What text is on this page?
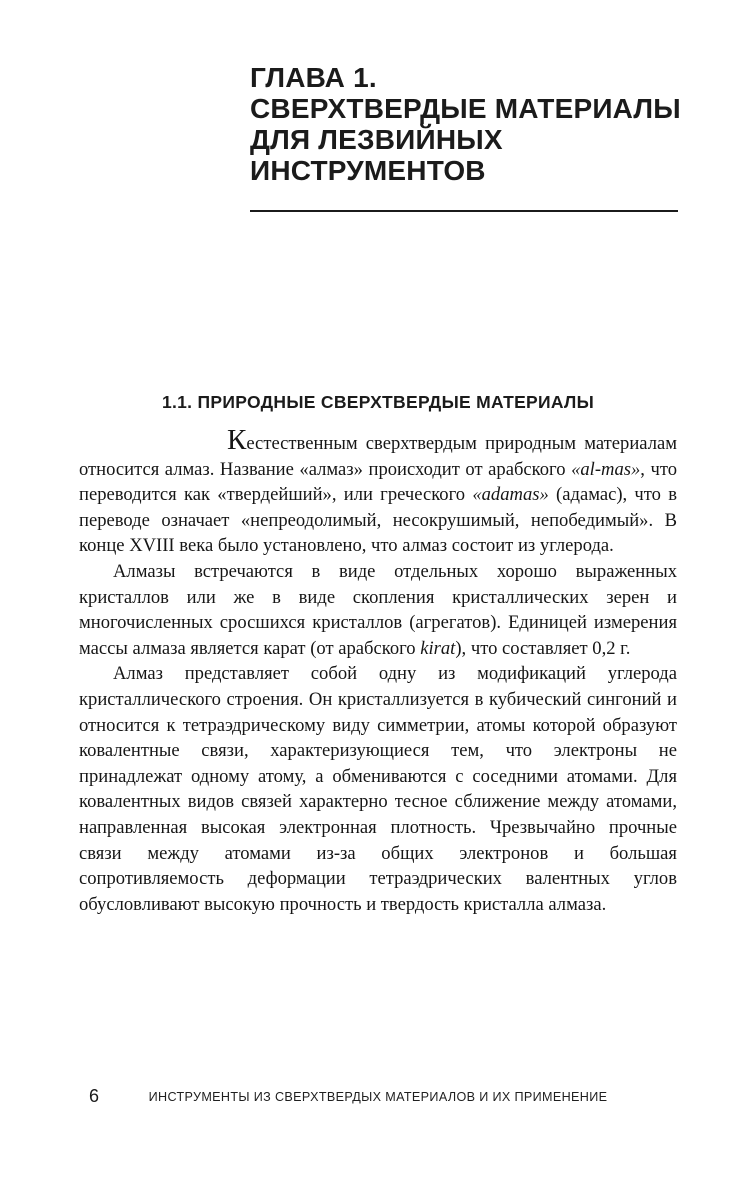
ГЛАВА 1.
СВЕРХТВЕРДЫЕ МАТЕРИАЛЫ
ДЛЯ ЛЕЗВИЙНЫХ
ИНСТРУМЕНТОВ
1.1. ПРИРОДНЫЕ СВЕРХТВЕРДЫЕ МАТЕРИАЛЫ

Кестественным сверхтвердым природным материалам относится алмаз. Название «алмаз» происходит от арабского «al-mas», что переводится как «твердейший», или греческого «adamas» (адамас), что в переводе означает «непреодолимый, несокрушимый, непобедимый». В конце XVIII века было установлено, что алмаз состоит из углерода.

Алмазы встречаются в виде отдельных хорошо выраженных кристаллов или же в виде скопления кристаллических зерен и многочисленных сросшихся кристаллов (агрегатов). Единицей измерения массы алмаза является карат (от арабского kirat), что составляет 0,2 г.

Алмаз представляет собой одну из модификаций углерода кристаллического строения. Он кристаллизуется в кубический сингоний и относится к тетраэдрическому виду симметрии, атомы которой образуют ковалентные связи, характеризующиеся тем, что электроны не принадлежат одному атому, а обмениваются с соседними атомами. Для ковалентных видов связей характерно тесное сближение между атомами, направленная высокая электронная плотность. Чрезвычайно прочные связи между атомами из-за общих электронов и большая сопротивляемость деформации тетраэдрических валентных углов обусловливают высокую прочность и твердость кристалла алмаза.

6	ИНСТРУМЕНТЫ ИЗ СВЕРХТВЕРДЫХ МАТЕРИАЛОВ И ИХ ПРИМЕНЕНИЕ
